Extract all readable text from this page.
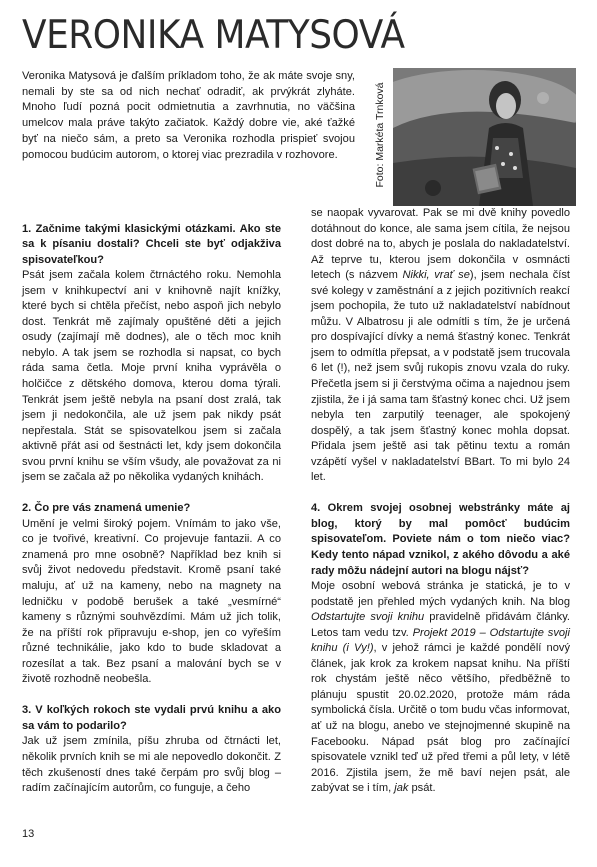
VERONIKA MATYSOVÁ

Veronika Matysová je ďalším príkladom toho, že ak máte svoje sny, nemali by ste sa od nich nechať odradiť, ak prvýkrát zlyháte. Mnoho ľudí pozná pocit odmietnutia a zavrhnutia, no väčšina umelcov mala práve takýto začiatok. Každý dobre vie, aké ťažké byť na niečo sám, a preto sa Veronika rozhodla prispieť svojou pomocou budúcim autorom, o ktorej viac prezradila v rozhovore.	Foto: Markéta Trnková
1. Začnime takými klasickými otázkami. Ako ste sa k písaniu dostali? Chceli ste byť odjakživa spisovateľkou?

Psát jsem začala kolem čtrnáctého roku. Nemohla jsem v knihkupectví ani v knihovně najít knížky, které bych si chtěla přečíst, nebo aspoň jich nebylo dost. Tenkrát mě zajímaly opuštěné děti a jejich osudy (zajímají mě dodnes), ale o těch moc knih nebylo. A tak jsem se rozhodla si napsat, co bych ráda sama četla. Moje první kniha vyprávěla o holčičce z dětského domova, kterou doma týrali. Tenkrát jsem ještě nebyla na psaní dost zralá, tak jsem ji nedokončila, ale už jsem pak nikdy psát nepřestala. Stát se spisovatelkou jsem si začala aktivně přát asi od šestnácti let, kdy jsem dokončila svou první knihu se vším všudy, ale považovat za ni jsem se začala až po několika vydaných knihách.

2. Čo pre vás znamená umenie?

Umění je velmi široký pojem. Vnímám to jako vše, co je tvořivé, kreativní. Co projevuje fantazii. A co znamená pro mne osobně? Například bez knih si svůj život nedovedu představit. Kromě psaní také maluju, ať už na kameny, nebo na magnety na ledničku v podobě berušek a také „vesmírné“ kameny s různými souhvězdími. Mám už jich tolik, že na příští rok připravuju e-shop, jen co vyřeším různé technikálie, jako kdo to bude skladovat a rozesílat a tak. Bez psaní a malování bych se v životě rozhodně neobešla.

3. V koľkých rokoch ste vydali prvú knihu a ako sa vám to podarilo?

Jak už jsem zmínila, píšu zhruba od čtrnácti let, několik prvních knih se mi ale nepovedlo dokončit. Z těch zkušeností dnes také čerpám pro svůj blog – radím začínajícím autorům, co funguje, a čeho

se naopak vyvarovat. Pak se mi dvě knihy povedlo dotáhnout do konce, ale sama jsem cítila, že nejsou dost dobré na to, abych je poslala do nakladatelství. Až teprve tu, kterou jsem dokončila v osmnácti letech (s názvem Nikki, vrať se), jsem nechala číst své kolegy v zaměstnání a z jejich pozitivních reakcí jsem pochopila, že tuto už nakladatelství nabídnout můžu. V Albatrosu ji ale odmítli s tím, že je určená pro dospívající dívky a nemá šťastný konec. Tenkrát jsem to odmítla přepsat, a v podstatě jsem trucovala 6 let (!), než jsem svůj rukopis znovu vzala do ruky. Přečetla jsem si ji čerstvýma očima a najednou jsem zjistila, že i já sama tam šťastný konec chci. Už jsem nebyla ten zarputilý teenager, ale spokojený dospělý, a tak jsem šťastný konec mohla dopsat. Přidala jsem ještě asi tak pětinu textu a román vzápětí vyšel v nakladatelství BBart. To mi bylo 24 let.

4. Okrem svojej osobnej webstránky máte aj blog, ktorý by mal pomôcť budúcim spisovateľom. Poviete nám o tom niečo viac? Kedy tento nápad vznikol, z akého dôvodu a aké rady môžu nádejní autori na blogu nájsť?

Moje osobní webová stránka je statická, je to v podstatě jen přehled mých vydaných knih. Na blog Odstartujte svoji knihu pravidelně přidávám články. Letos tam vedu tzv. Projekt 2019 – Odstartujte svoji knihu (i Vy!), v jehož rámci je každé pondělí nový článek, jak krok za krokem napsat knihu. Na příští rok chystám ještě něco většího, předběžně to plánuju spustit 20.02.2020, protože mám ráda symbolická čísla. Určitě o tom budu včas informovat, ať už na blogu, anebo ve stejnojmenné skupině na Facebooku. Nápad psát blog pro začínající spisovatele vznikl teď už před třemi a půl lety, v létě 2016. Zjistila jsem, že mě baví nejen psát, ale zabývat se i tím, jak psát.

13
